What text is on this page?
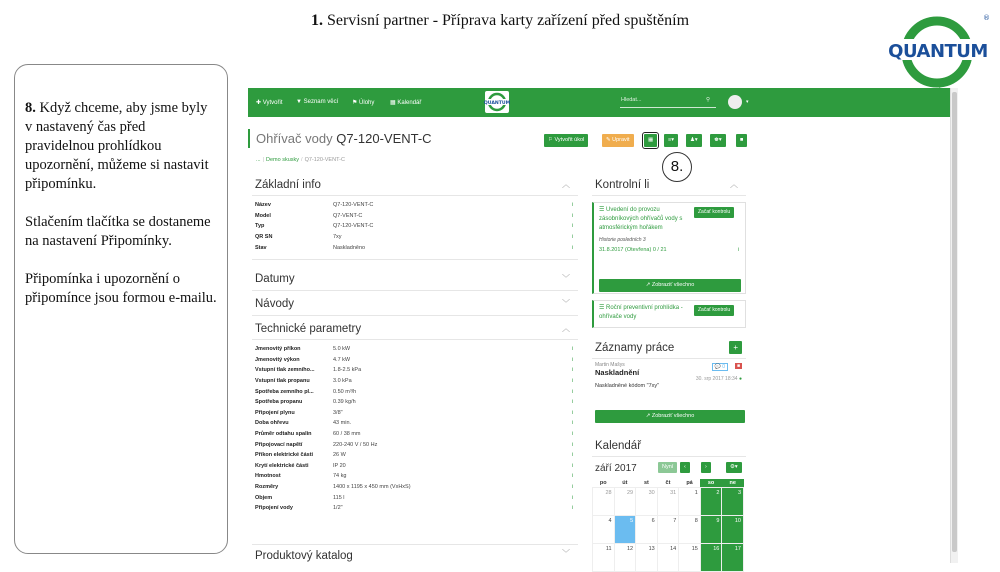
1. Servisní partner - Příprava karty zařízení před spuštěním
QUANTUM
®

8. Když chceme, aby jsme byly v nastavený čas před pravidelnou prohlídkou upozornění, můžeme si nastavit připomínku.

Stlačením tlačítka se dostaneme na nastavení Připomínky.

Připomínka i upozornění o připomínce jsou formou e-mailu.

✚ Vytvořit ▼ Seznam věcí ⚑ Úlohy	▦ Kalendář	QUANTUM
Hledat...	⚲	▾
Ohřívač vody Q7-120-VENT-C
... | Demo skusky / Q7-120-VENT-C
⚐ Vytvořit úkol	✎ Upravit	▦	≡▾	♟▾	♚▾	■
8.
Základní info	︿
Název	Q7-120-VENT-C	i
Model	Q7-VENT-C	i
Typ	Q7-120-VENT-C	i
QR SN	7xy	i
Stav	Naskladněno	i
Datumy	﹀
Návody	﹀
Technické parametry	︿
Jmenovitý příkon	5.0 kW	i
Jmenovitý výkon	4.7 kW	i
Vstupní tlak zemního...	1.8-2.5 kPa	i
Vstupní tlak propanu	3.0 kPa	i
Spotřeba zemního pl...	0.50 m³/h	i
Spotřeba propanu	0.39 kg/h	i
Připojení plynu	3/8"	i
Doba ohřevu	43 min.	i
Průměr odtahu spalin	60 / 38 mm	i
Připojovací napětí	220-240 V / 50 Hz	i
Příkon elektrické části	26 W	i
Krytí elektrické části	IP 20	i
Hmotnost	74 kg	i
Rozměry	1400 x 1195 x 450 mm (VxHxS)	i
Objem	115 l	i
Připojení vody	1/2"	i
Produktový katalog	﹀
Kontrolní li	︿
☰ Uvedení do provozu zásobníkových ohřívačů vody s atmosférickým hořákem
Začať kontrolu
Historie posledních 3
31.8.2017 (Otevřena) 0 / 21	i
↗ Zobraziť všechno
☰ Roční preventivní prohlídka - ohřívače vody
Začať kontrolu
Záznamy práce	+
Martin Mašys
Naskladnění
💬 0	■
30. srp 2017 18:34 ●
Naskladněné kódom "7xy"
↗ Zobraziť všechno
Kalendář
září 2017	Nyní	‹	›	⚙▾
po	út	st	čt	pá	so	ne
28	29	30	31	1	2	3
4	5	6	7	8	9	10
11	12	13	14	15	16	17
